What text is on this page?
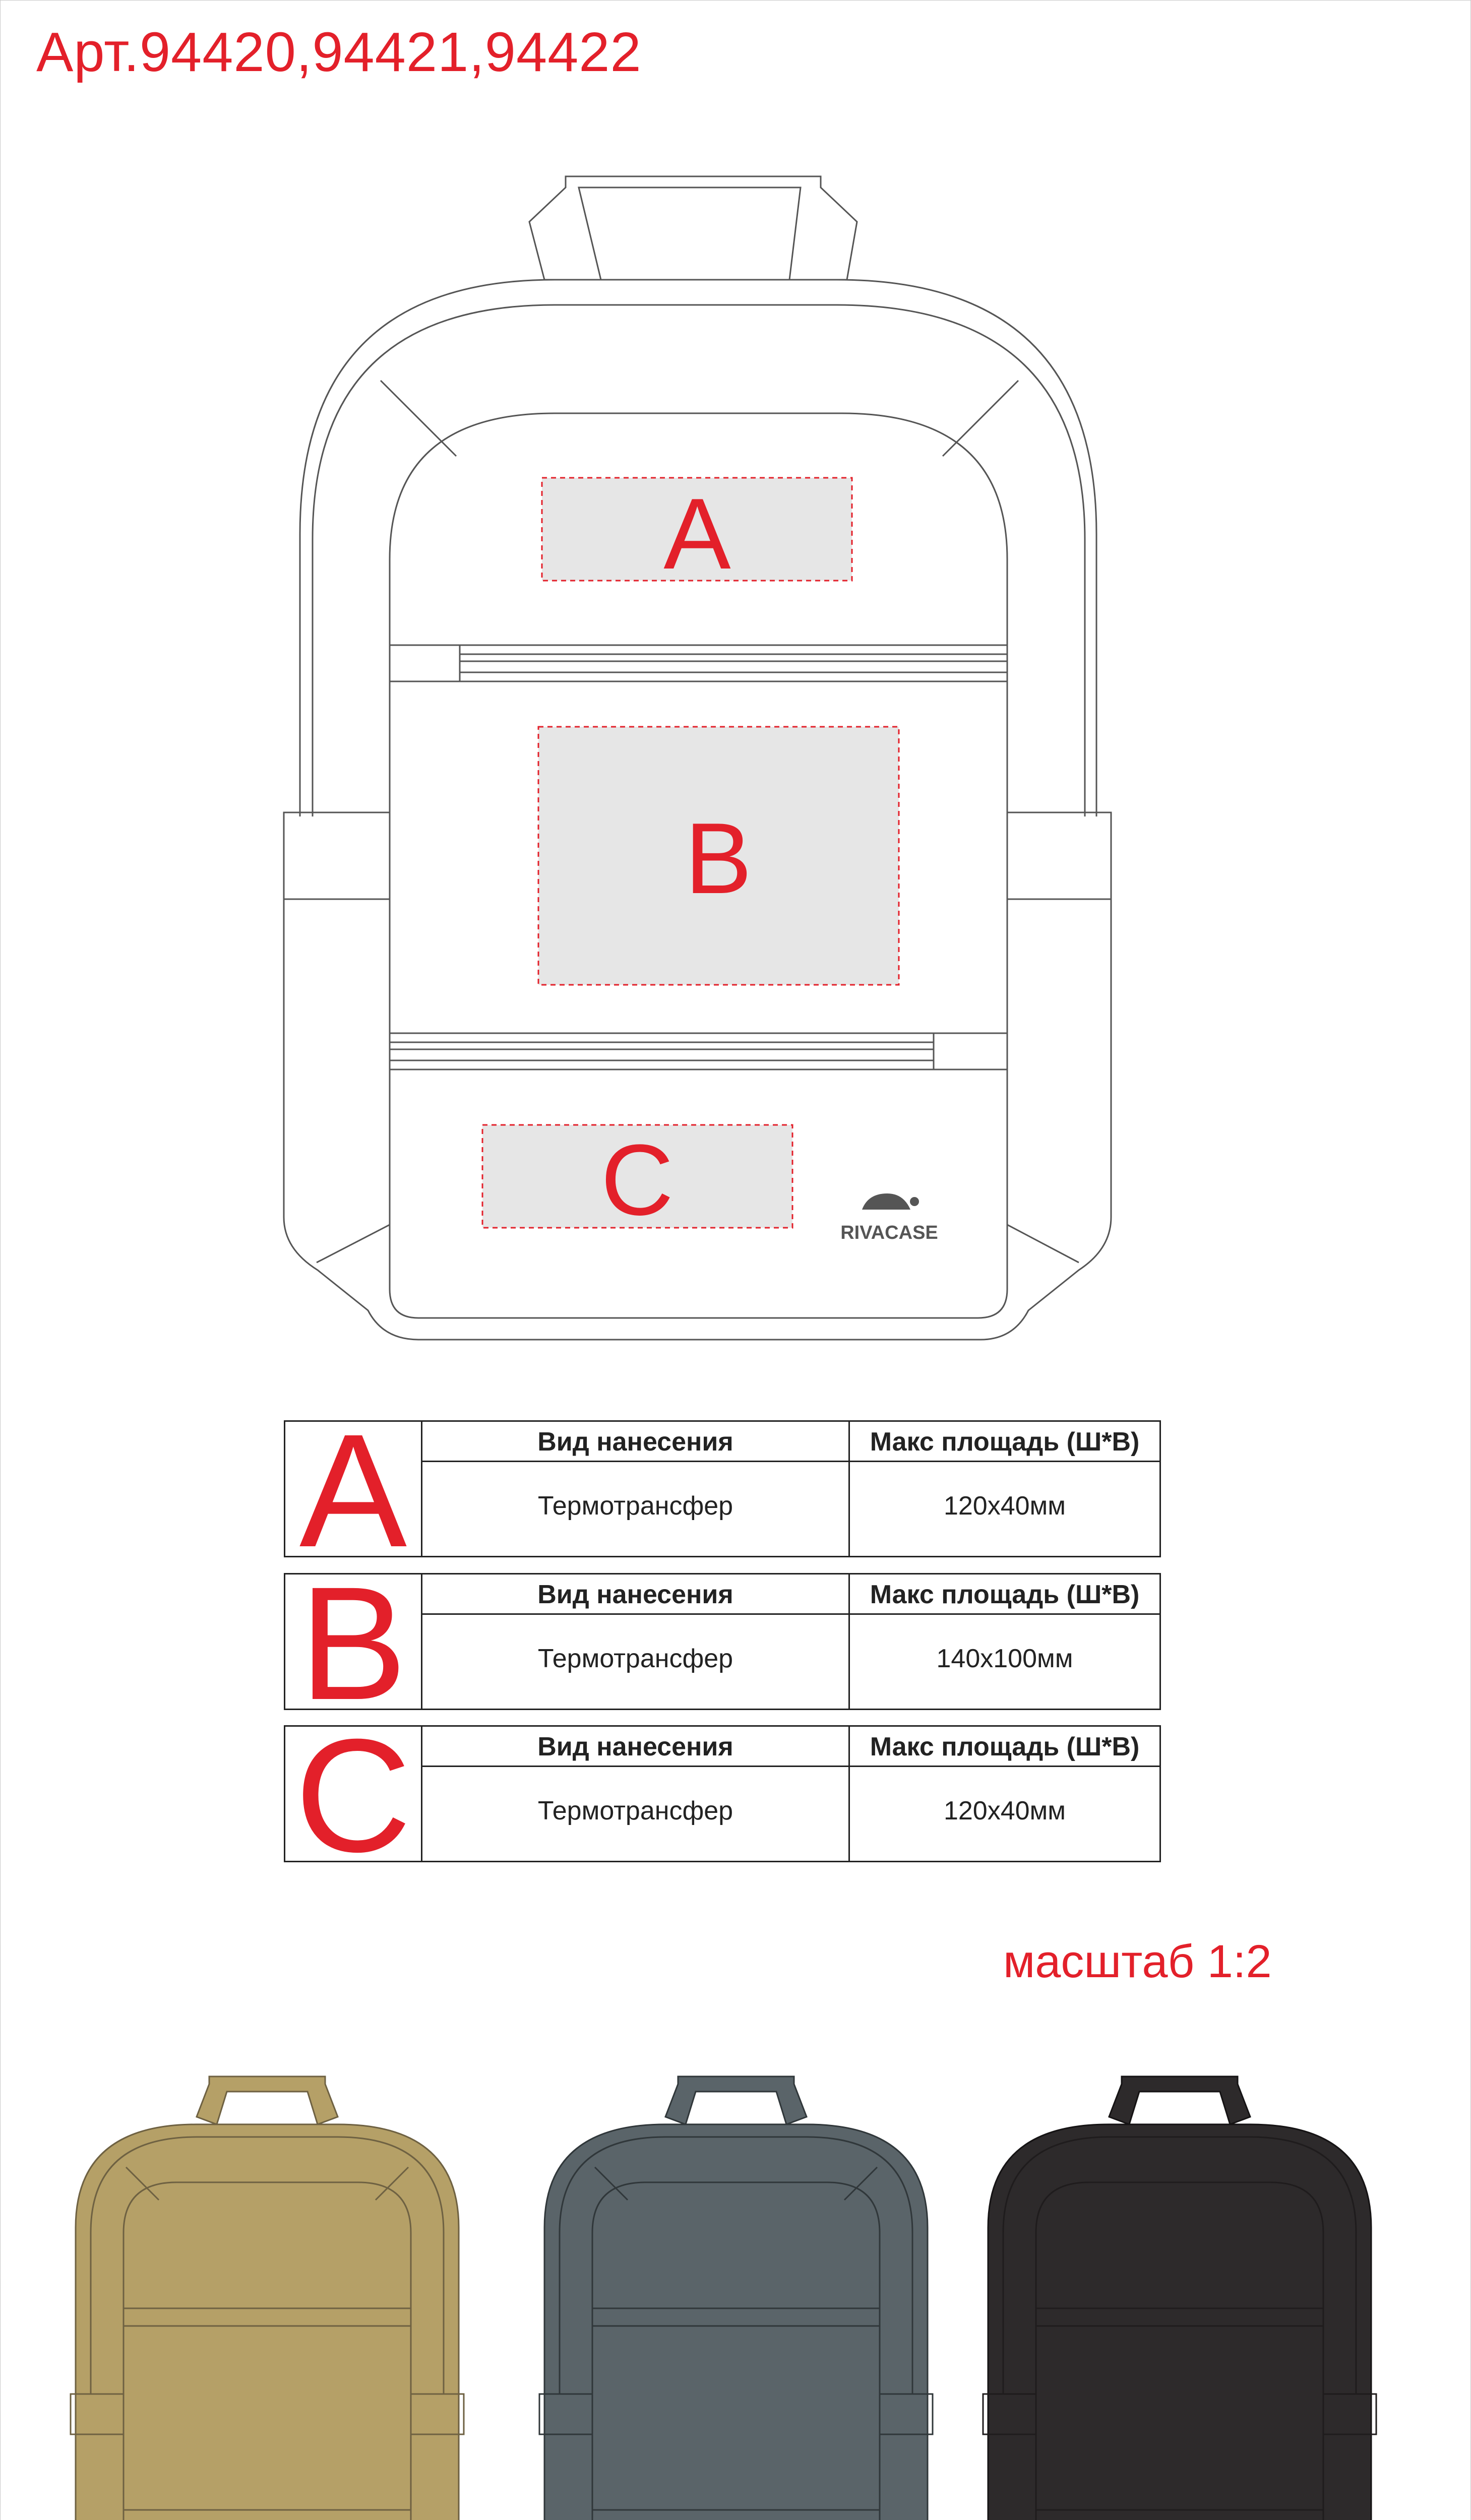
Арт.94420,94421,94422
A
B
C	RIVACASE
A	Вид нанесения	Макс площадь (Ш*В)
Термотрансфер	120x40мм
B	Вид нанесения	Макс площадь (Ш*В)
Термотрансфер	140x100мм
C	Вид нанесения	Макс площадь (Ш*В)
Термотрансфер	120x40мм
масштаб 1:2
